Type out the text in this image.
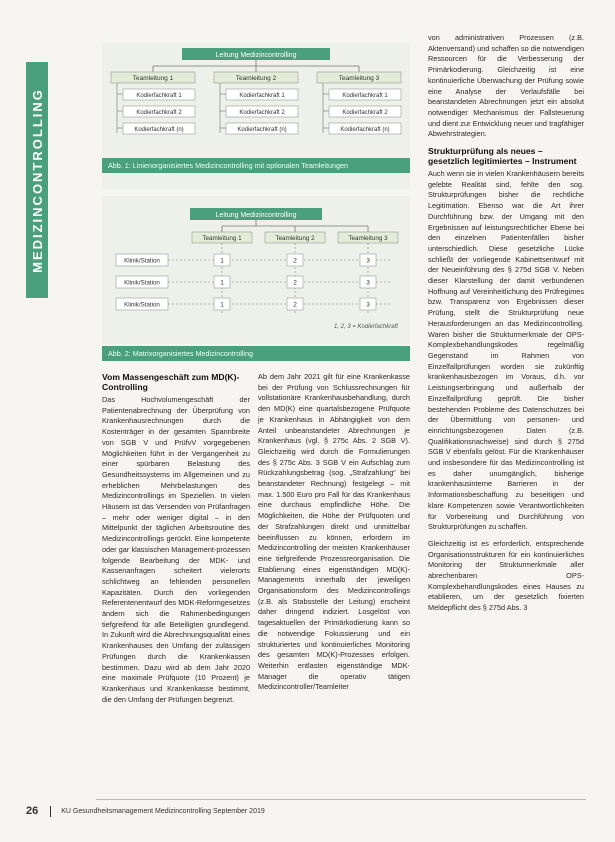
MEDIZINCONTROLLING
Leitung Medizincontrolling
Teamleitung 1
Kodierfachkraft 1
Kodierfachkraft 2
Kodierfachkraft (n)
Teamleitung 2
Kodierfachkraft 1
Kodierfachkraft 2
Kodierfachkraft (n)
Teamleitung 3
Kodierfachkraft 1
Kodierfachkraft 2
Kodierfachkraft (n)
Abb. 1: Linienorganisiertes Medizincontrolling mit optionalen Teamleitungen
Leitung Medizincontrolling
Teamleitung 1	Teamleitung 2	Teamleitung 3
Klinik/Station	1	2	3
Klinik/Station	1	2	3
Klinik/Station	1	2	3
1, 2, 3 = Kodierfachkraft
Abb. 2: Matrixorganisiertes Medizincontrolling
Vom Massengeschäft zum MD(K)-Controlling

Das Hochvolumengeschäft der Patientenabrechnung der Überprüfung von Krankenhausrechnungen durch die Kostenträger in der gesamten Spannbreite von SGB V und PrüfvV vorgegebenen Möglichkeiten führt in der Vergangenheit zu einer spürbaren Belastung des Gesundheitssystems im Allgemeinen und zu erheblichen Mehrbelastungen des Medizincontrollings im Speziellen. In vielen Häusern ist das Versenden von Prüfanfragen – mehr oder weniger digital – in den Mittelpunkt der täglichen Arbeitsroutine des Medizincontrollings gerückt. Eine kompetente oder gar klassischen Management-prozessen folgende Bearbeitung der MDK- und Kassenanfragen scheitert vielerorts schlichtweg an fehlenden personellen Kapazitäten. Durch den vorliegenden Referentenentwurf des MDK-Reformgesetzes ändern sich die Rahmenbedingungen tiefgreifend für alle Beteiligten grundlegend. In Zukunft wird die Abrechnungsqualität eines Krankenhauses den Umfang der zulässigen Prüfungen durch die Krankenkassen bestimmen. Dazu wird ab dem Jahr 2020 eine maximale Prüfquote (10 Prozent) je Krankenhaus und Krankenkasse bestimmt, die den Umfang der Prüfungen begrenzt.

Ab dem Jahr 2021 gilt für eine Krankenkasse bei der Prüfung von Schlussrechnungen für vollstationäre Krankenhausbehandlung, durch den MD(K) eine quartalsbezogene Prüfquote je Krankenhaus in Abhängigkeit von dem Anteil unbeanstandeter Abrechnungen je Krankenhaus (vgl. § 275c Abs. 2 SGB V). Gleichzeitig wird durch die Formulierungen des § 275c Abs. 3 SGB V ein Aufschlag zum Rückzahlungsbetrag (sog. „Strafzahlung“ bei beanstandeter Rechnung) festgelegt – mit max. 1.500 Euro pro Fall für das Krankenhaus eine durchaus empfindliche Höhe. Die Möglichkeiten, die Höhe der Prüfquoten und der Strafzahlungen direkt und unmittelbar beeinflussen zu können, erfordern im Medizincontrolling der meisten Krankenhäuser eine tiefgreifende Prozessreorganisation. Die Etablierung eines eigenständigen MD(K)-Managements innerhalb der jeweiligen Organisationsform des Medizincontrollings (z.B. als Stabsstelle der Leitung) erscheint daher dringend indiziert. Losgelöst von tagesaktuellen der Primärkodierung kann so die notwendige Fokussierung und ein strukturiertes und kontinuierliches Monitoring des gesamten MD(K)-Prozesses erfolgen. Weiterhin entlasten eigenständige MDK-Manager die operativ tätigen Medizincontroller/Teamleiter

von administrativen Prozessen (z.B. Aktenversand) und schaffen so die notwendigen Ressourcen für die Verbesserung der Primärkodierung. Gleichzeitig ist eine kontinuierliche Überwachung der Prüfung sowie eine Analyse der Verlaufsfälle bei beanstandeten Abrechnungen jetzt ein absolut notwendiger Mechanismus der Fallsteuerung und dient zur Entwicklung neuer und tragfähiger Abwehrstrategien.

Strukturprüfung als neues – gesetzlich legitimiertes – Instrument

Auch wenn sie in vielen Krankenhäusern bereits gelebte Realität sind, fehlte den sog. Strukturprüfungen bisher die rechtliche Legitimation. Ebenso war die Art ihrer Durchführung bzw. der Umgang mit den Ergebnissen auf leistungsrechtlicher Ebene bei den einzelnen Patientenfällen bisher unterschiedlich. Diese gesetzliche Lücke schließt der vorliegende Kabinettsentwurf mit der Neueinführung des § 275d SGB V. Neben dieser Klarstellung der damit verbundenen Hoffnung auf Vereinheitlichung des Prüfregimes bzw. Transparenz von Ergebnissen dieser Prüfung, stellt die Strukturprüfung neue Herausforderungen an das Medizincontrolling. Waren bisher die Strukturmerkmale der OPS-Komplexbehandlungskodes regelmäßig Gegenstand im Rahmen von Einzelfallprüfungen worden sie zukünftig krankenhausbezogen im Voraus, d.h. vor Leistungserbringung und außerhalb der Einzelfallprüfung geprüft. Die bisher bestehenden Probleme des Datenschutzes bei der Übermittlung von personen- und einrichtungsbezogenen Daten (z.B. Qualifikationsnachweise) sind durch § 275d SGB V ebenfalls gelöst. Für die Krankenhäuser und insbesondere für das Medizincontrolling ist es daher unumgänglich, bisherige krankenhausinterne Barrieren in der Informationsbeschaffung zu beseitigen und klare Kompetenzen sowie Verantwortlichkeiten für Vorbereitung und Durchführung von Strukturprüfungen zu schaffen.

Gleichzeitig ist es erforderlich, entsprechende Organisationsstrukturen für ein kontinuierliches Monitoring der Strukturmerkmale aller abrechenbaren OPS-Komplexbehandlungskodes eines Hauses zu etablieren, um der gesetzlich fixierten Meldepflicht des § 275d Abs. 3

26	KU Gesundheitsmanagement Medizincontrolling September 2019
